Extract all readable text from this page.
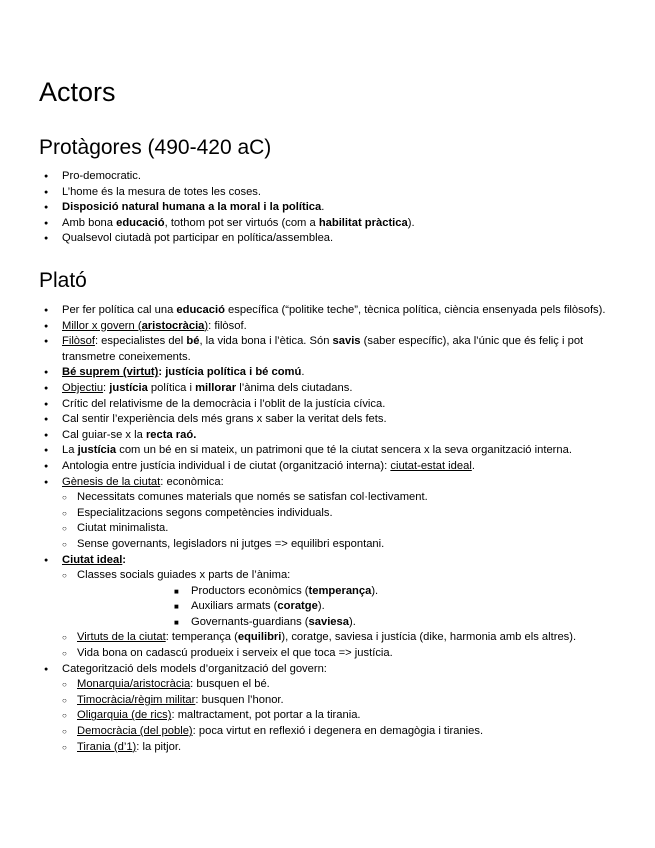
Actors
Protàgores (490-420 aC)
● Pro-democratic.
● L’home és la mesura de totes les coses.
● Disposició natural humana a la moral i la política.
● Amb bona educació, tothom pot ser virtuós (com a habilitat pràctica).
● Qualsevol ciutadà pot participar en política/assemblea.
Plató
● Per fer política cal una educació específica (“politike teche”, tècnica política, ciència ensenyada pels filòsofs).
● Millor x govern (aristocràcia): filòsof.
● Filòsof: especialistes del bé, la vida bona i l’ètica. Són savis (saber específic), aka l’únic que és feliç i pot transmetre coneixements.
● Bé suprem (virtut): justícia política i bé comú.
● Objectiu: justícia política i millorar l’ànima dels ciutadans.
● Crític del relativisme de la democràcia i l’oblit de la justícia cívica.
● Cal sentir l’experiència dels més grans x saber la veritat dels fets.
● Cal guiar-se x la recta raó.
● La justícia com un bé en si mateix, un patrimoni que té la ciutat sencera x la seva organització interna.
● Antologia entre justícia individual i de ciutat (organització interna): ciutat-estat ideal.
● Gènesis de la ciutat: econòmica:
○ Necessitats comunes materials que només se satisfan col·lectivament.
○ Especialitzacions segons competències individuals.
○ Ciutat minimalista.
○ Sense governants, legisladors ni jutges => equilibri espontani.
● Ciutat ideal:
○ Classes socials guiades x parts de l’ànima:
■ Productors econòmics (temperança).
■ Auxiliars armats (coratge).
■ Governants-guardians (saviesa).
○ Virtuts de la ciutat: temperança (equilibri), coratge, saviesa i justícia (dike, harmonia amb els altres).
○ Vida bona on cadascú produeix i serveix el que toca => justícia.
● Categorització dels models d’organització del govern:
○ Monarquia/aristocràcia: busquen el bé.
○ Timocràcia/règim militar: busquen l’honor.
○ Oligarquia (de rics): maltractament, pot portar a la tirania.
○ Democràcia (del poble): poca virtut en reflexió i degenera en demagògia i tiranies.
○ Tirania (d’1): la pitjor.
